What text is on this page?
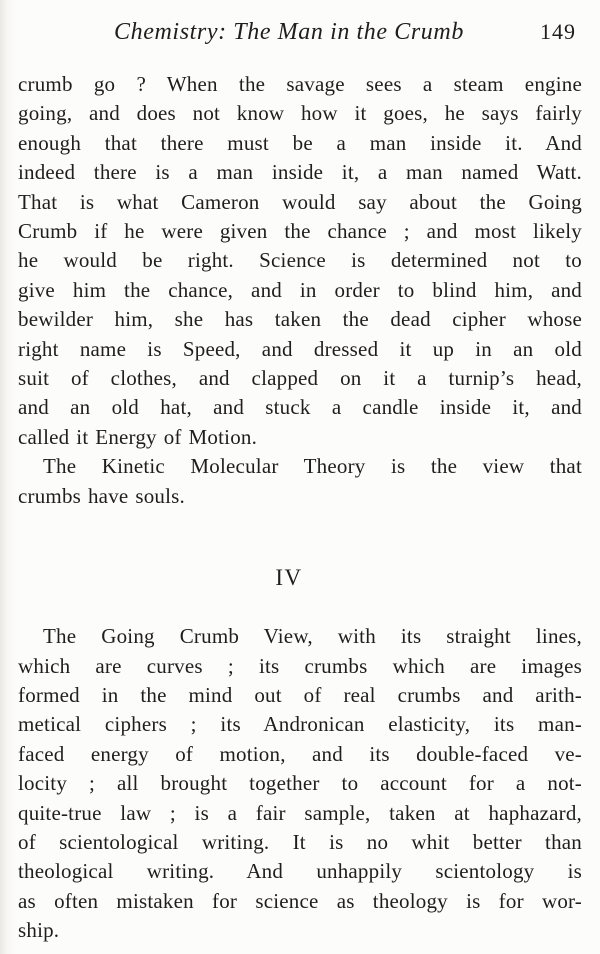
Chemistry: The Man in the Crumb	149
crumb go ? When the savage sees a steam engine
going, and does not know how it goes, he says fairly
enough that there must be a man inside it. And
indeed there is a man inside it, a man named Watt.
That is what Cameron would say about the Going
Crumb if he were given the chance ; and most likely
he would be right. Science is determined not to
give him the chance, and in order to blind him, and
bewilder him, she has taken the dead cipher whose
right name is Speed, and dressed it up in an old
suit of clothes, and clapped on it a turnip’s head,
and an old hat, and stuck a candle inside it, and
called it Energy of Motion.
The Kinetic Molecular Theory is the view that
crumbs have souls.
IV
The Going Crumb View, with its straight lines,
which are curves ; its crumbs which are images
formed in the mind out of real crumbs and arith-
metical ciphers ; its Andronican elasticity, its man-
faced energy of motion, and its double-faced ve-
locity ; all brought together to account for a not-
quite-true law ; is a fair sample, taken at haphazard,
of scientological writing. It is no whit better than
theological writing. And unhappily scientology is
as often mistaken for science as theology is for wor-
ship.
